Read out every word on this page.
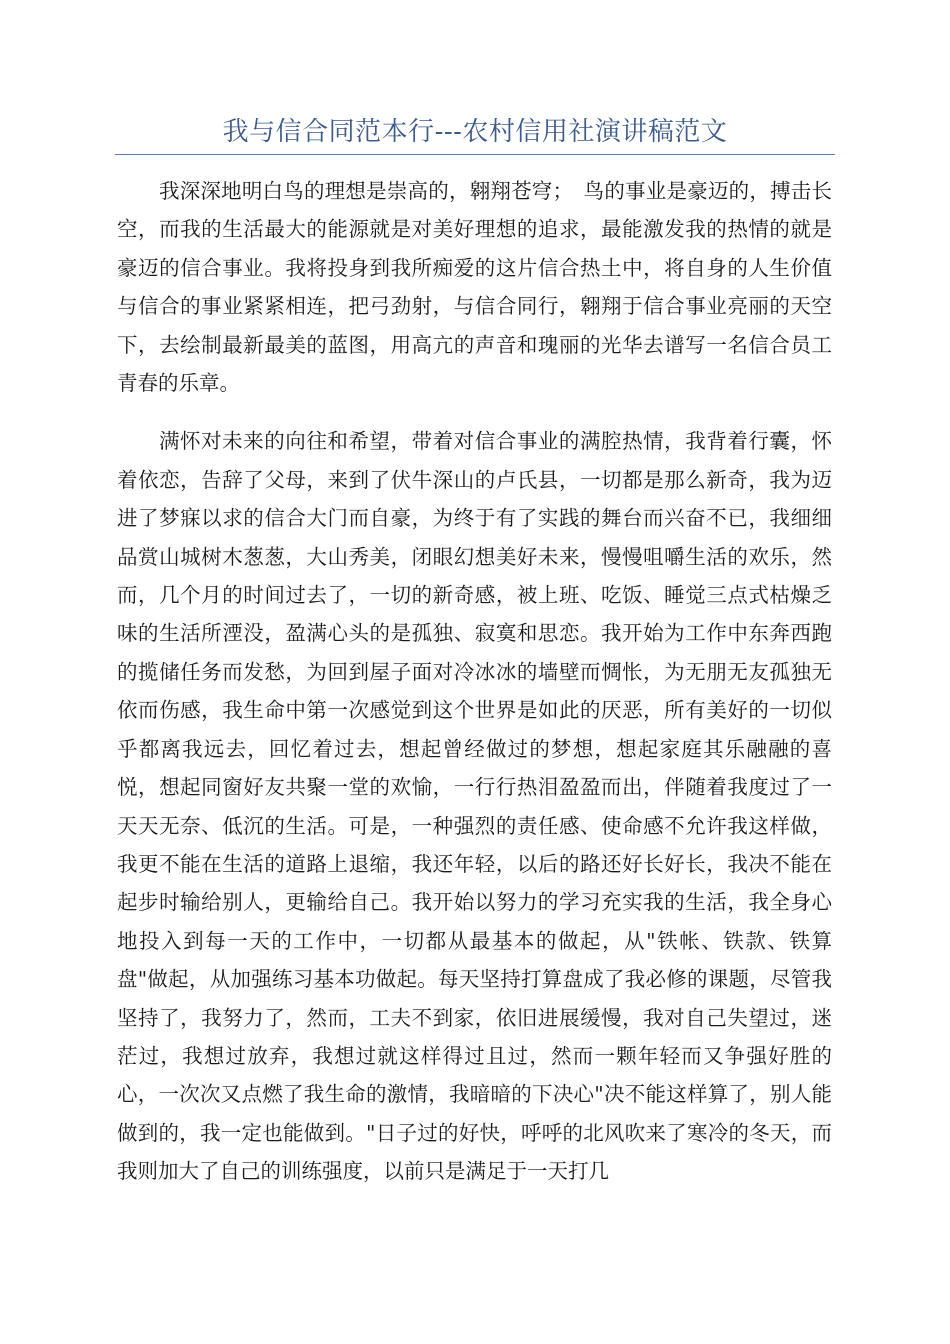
我与信合同范本行---农村信用社演讲稿范文

我深深地明白鸟的理想是崇高的，翱翔苍穹；　鸟的事业是豪迈的，搏击长空，而我的生活最大的能源就是对美好理想的追求，最能激发我的热情的就是豪迈的信合事业。我将投身到我所痴爱的这片信合热土中，将自身的人生价值与信合的事业紧紧相连，把弓劲射，与信合同行，翱翔于信合事业亮丽的天空下，去绘制最新最美的蓝图，用高亢的声音和瑰丽的光华去谱写一名信合员工青春的乐章。

满怀对未来的向往和希望，带着对信合事业的满腔热情，我背着行囊，怀着依恋，告辞了父母，来到了伏牛深山的卢氏县，一切都是那么新奇，我为迈进了梦寐以求的信合大门而自豪，为终于有了实践的舞台而兴奋不已，我细细品赏山城树木葱葱，大山秀美，闭眼幻想美好未来，慢慢咀嚼生活的欢乐，然而，几个月的时间过去了，一切的新奇感，被上班、吃饭、睡觉三点式枯燥乏味的生活所湮没，盈满心头的是孤独、寂寞和思恋。我开始为工作中东奔西跑的揽储任务而发愁，为回到屋子面对冷冰冰的墙壁而惆怅，为无朋无友孤独无依而伤感，我生命中第一次感觉到这个世界是如此的厌恶，所有美好的一切似乎都离我远去，回忆着过去，想起曾经做过的梦想，想起家庭其乐融融的喜悦，想起同窗好友共聚一堂的欢愉，一行行热泪盈盈而出，伴随着我度过了一天天无奈、低沉的生活。可是，一种强烈的责任感、使命感不允许我这样做，我更不能在生活的道路上退缩，我还年轻，以后的路还好长好长，我决不能在起步时输给别人，更输给自己。我开始以努力的学习充实我的生活，我全身心地投入到每一天的工作中，一切都从最基本的做起，从"铁帐、铁款、铁算盘"做起，从加强练习基本功做起。每天坚持打算盘成了我必修的课题，尽管我坚持了，我努力了，然而，工夫不到家，依旧进展缓慢，我对自己失望过，迷茫过，我想过放弃，我想过就这样得过且过，然而一颗年轻而又争强好胜的心，一次次又点燃了我生命的激情，我暗暗的下决心"决不能这样算了，别人能做到的，我一定也能做到。"日子过的好快，呼呼的北风吹来了寒冷的冬天，而我则加大了自己的训练强度，以前只是满足于一天打几
